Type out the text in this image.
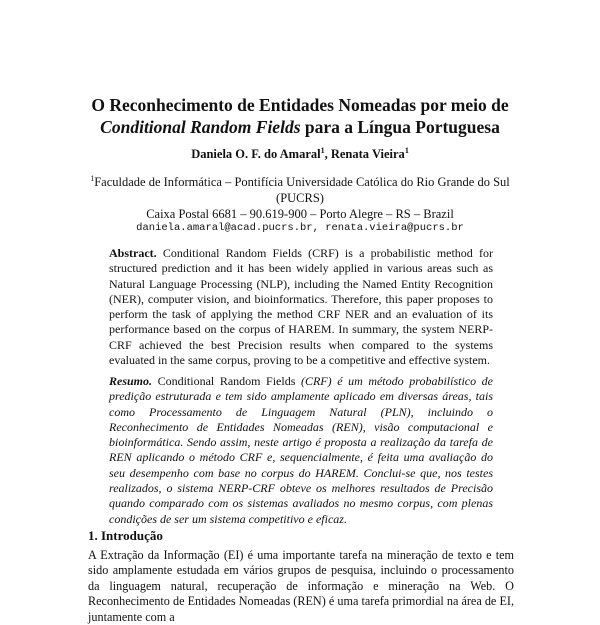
O Reconhecimento de Entidades Nomeadas por meio de
Conditional Random Fields para a Língua Portuguesa
Daniela O. F. do Amaral$^1$, Renata Vieira$^1$
$^1$Faculdade de Informática – Pontifícia Universidade Católica do Rio Grande do Sul
(PUCRS)
Caixa Postal 6681 – 90.619-900 – Porto Alegre – RS – Brazil
daniela.amaral@acad.pucrs.br, renata.vieira@pucrs.br
Abstract. Conditional Random Fields (CRF) is a probabilistic method for structured prediction and it has been widely applied in various areas such as Natural Language Processing (NLP), including the Named Entity Recognition (NER), computer vision, and bioinformatics. Therefore, this paper proposes to perform the task of applying the method CRF NER and an evaluation of its performance based on the corpus of HAREM. In summary, the system NERP-CRF achieved the best Precision results when compared to the systems evaluated in the same corpus, proving to be a competitive and effective system.
Resumo. Conditional Random Fields (CRF) é um método probabilístico de predição estruturada e tem sido amplamente aplicado em diversas áreas, tais como Processamento de Linguagem Natural (PLN), incluindo o Reconhecimento de Entidades Nomeadas (REN), visão computacional e bioinformática. Sendo assim, neste artigo é proposta a realização da tarefa de REN aplicando o método CRF e, sequencialmente, é feita uma avaliação do seu desempenho com base no corpus do HAREM. Conclui-se que, nos testes realizados, o sistema NERP-CRF obteve os melhores resultados de Precisão quando comparado com os sistemas avaliados no mesmo corpus, com plenas condições de ser um sistema competitivo e eficaz.
1. Introdução
A Extração da Informação (EI) é uma importante tarefa na mineração de texto e tem sido amplamente estudada em vários grupos de pesquisa, incluindo o processamento da linguagem natural, recuperação de informação e mineração na Web. O Reconhecimento de Entidades Nomeadas (REN) é uma tarefa primordial na área de EI, juntamente com a
